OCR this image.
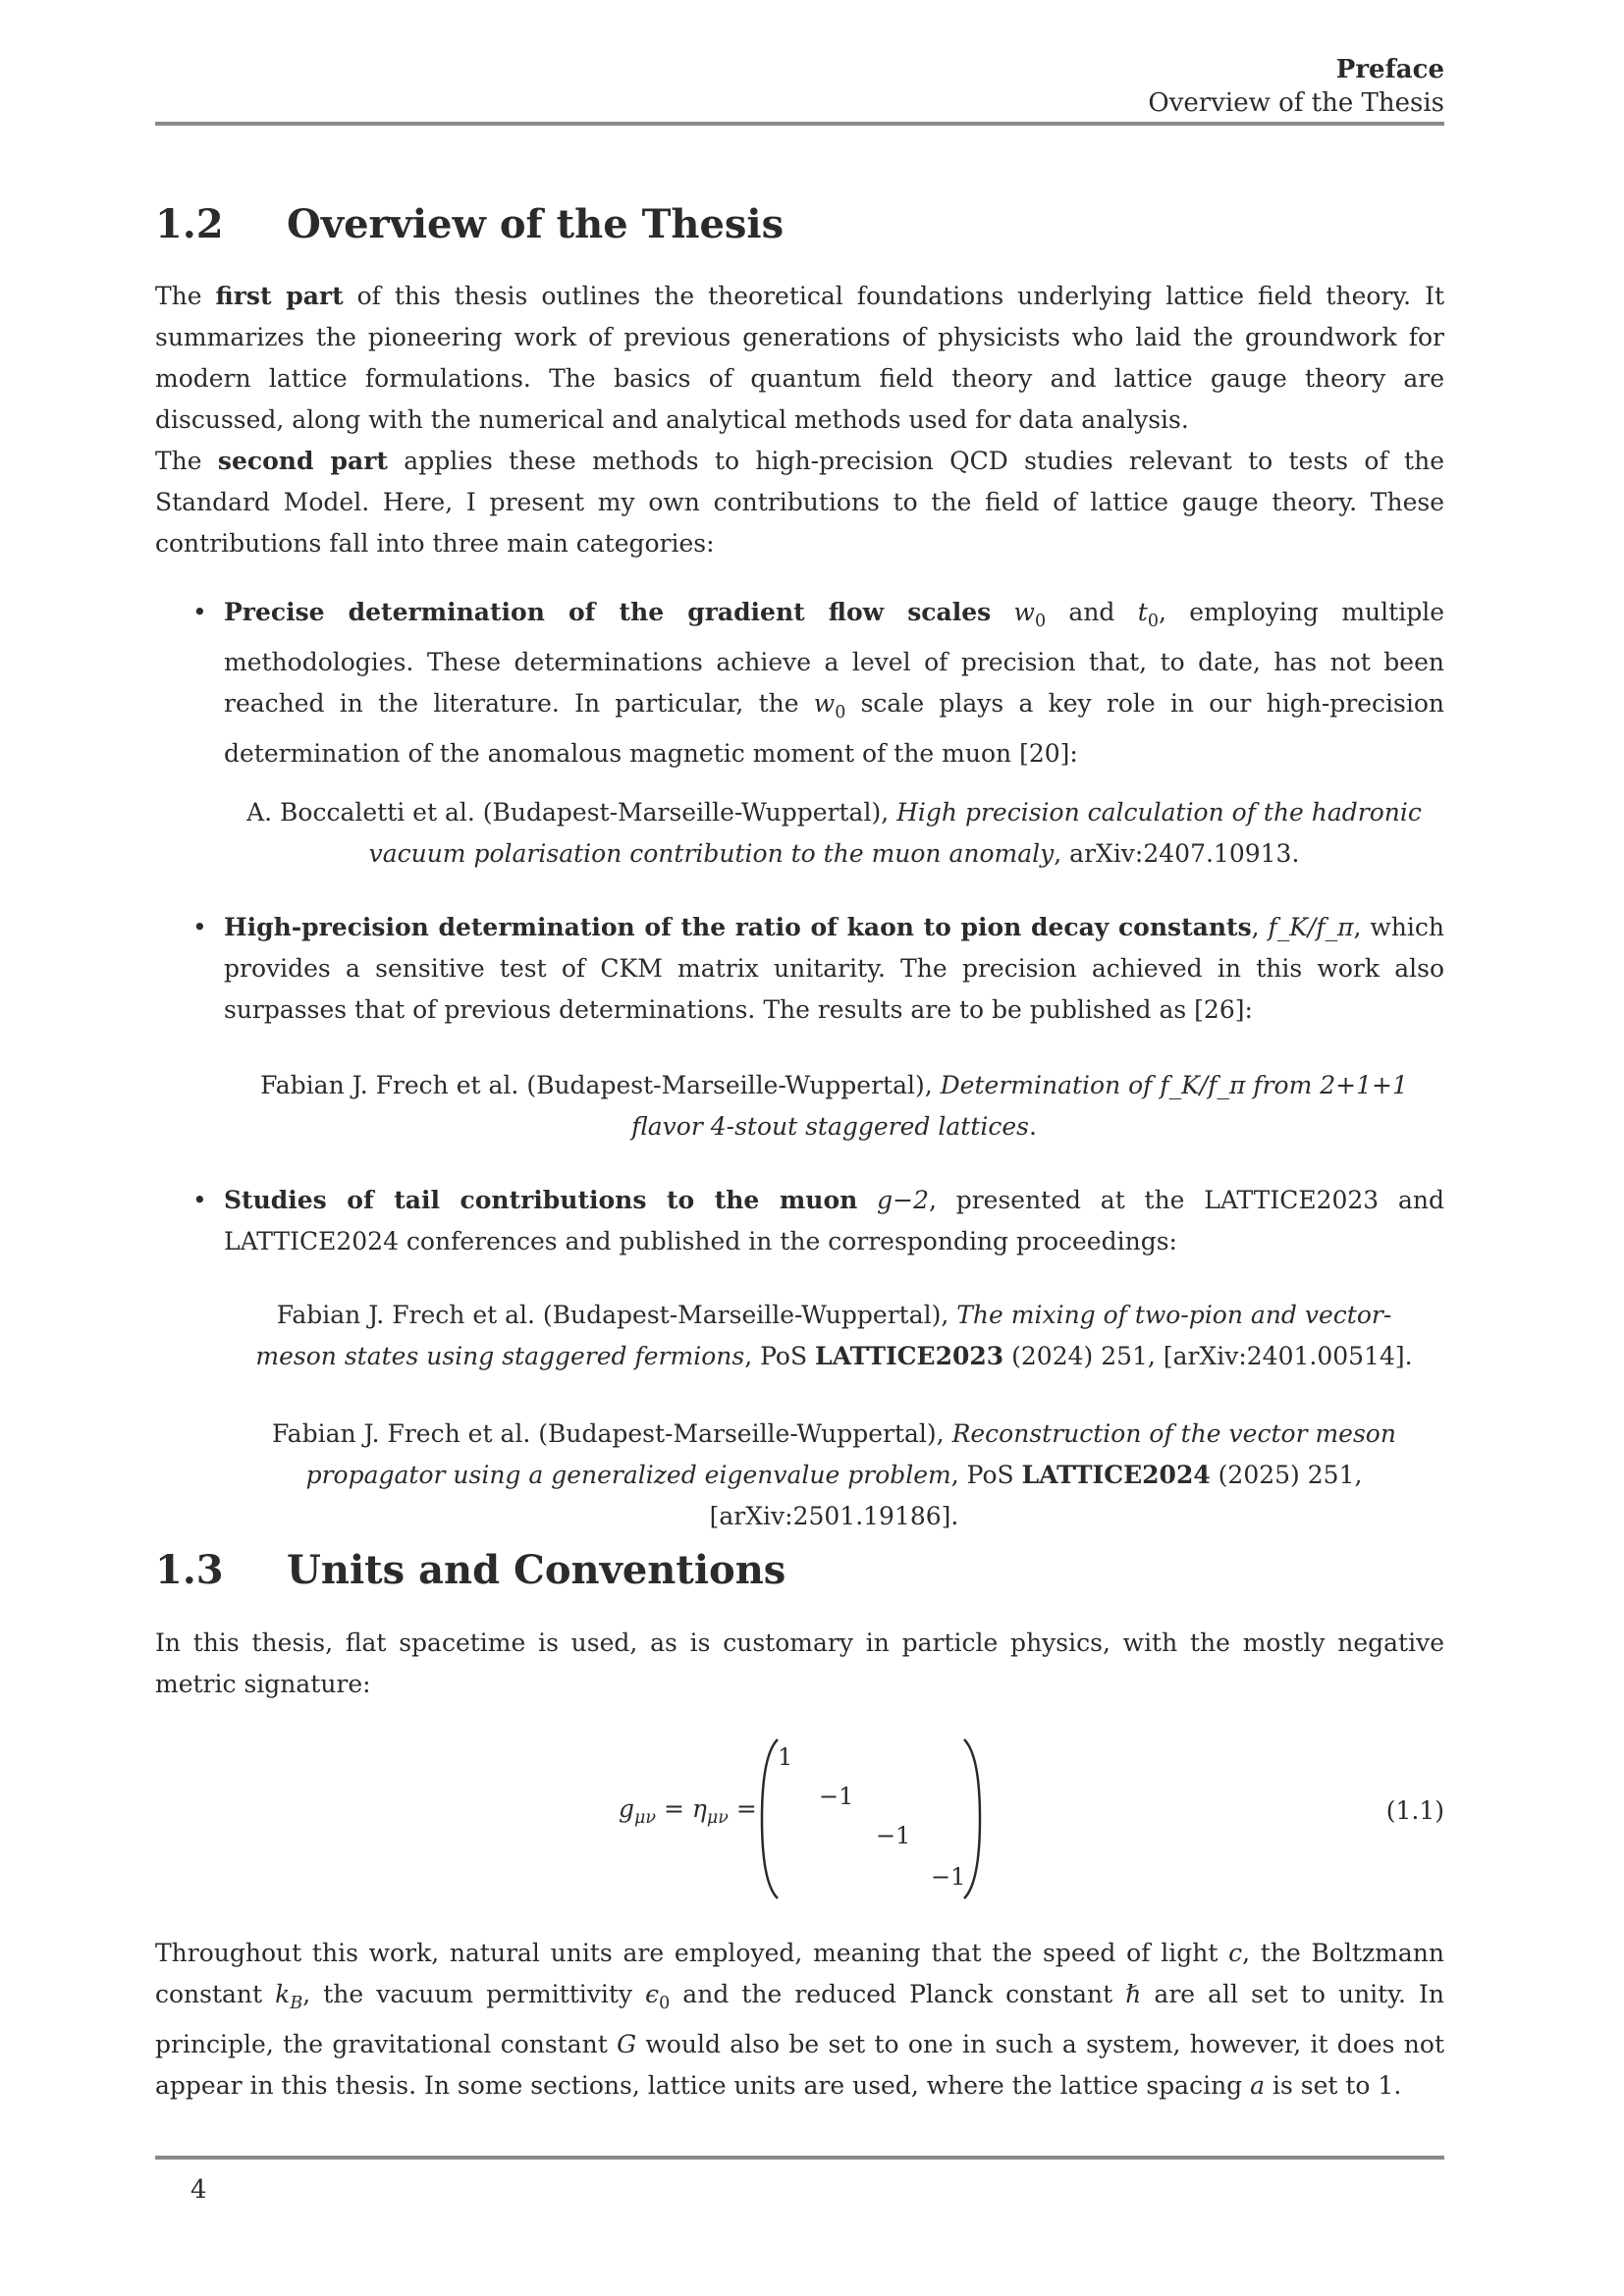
Preface
Overview of the Thesis
1.2 Overview of the Thesis

The first part of this thesis outlines the theoretical foundations underlying lattice field theory. It summarizes the pioneering work of previous generations of physicists who laid the groundwork for modern lattice formulations. The basics of quantum field theory and lattice gauge theory are discussed, along with the numerical and analytical methods used for data analysis.

The second part applies these methods to high-precision QCD studies relevant to tests of the Standard Model. Here, I present my own contributions to the field of lattice gauge theory. These contributions fall into three main categories:

• Precise determination of the gradient flow scales $w_0$ and $t_0$, employing multiple methodologies. These determinations achieve a level of precision that, to date, has not been reached in the literature. In particular, the $w_0$ scale plays a key role in our high-precision determination of the anomalous magnetic moment of the muon [20]:
A. Boccaletti et al. (Budapest-Marseille-Wuppertal), High precision calculation of the hadronic vacuum polarisation contribution to the muon anomaly, arXiv:2407.10913.
• High-precision determination of the ratio of kaon to pion decay constants, f_K/f_π, which provides a sensitive test of CKM matrix unitarity. The precision achieved in this work also surpasses that of previous determinations. The results are to be published as [26]:
Fabian J. Frech et al. (Budapest-Marseille-Wuppertal), Determination of f_K/f_π from 2+1+1 flavor 4-stout staggered lattices.
• Studies of tail contributions to the muon g−2, presented at the LATTICE2023 and LATTICE2024 conferences and published in the corresponding proceedings:
Fabian J. Frech et al. (Budapest-Marseille-Wuppertal), The mixing of two-pion and vector-meson states using staggered fermions, PoS LATTICE2023 (2024) 251, [arXiv:2401.00514].
Fabian J. Frech et al. (Budapest-Marseille-Wuppertal), Reconstruction of the vector meson propagator using a generalized eigenvalue problem, PoS LATTICE2024 (2025) 251, [arXiv:2501.19186].
1.3 Units and Conventions

In this thesis, flat spacetime is used, as is customary in particle physics, with the mostly negative metric signature:

$g_{\mu\nu} = \eta_{\mu\nu}$ =
1
−1
−1
−1
(1.1)

Throughout this work, natural units are employed, meaning that the speed of light c, the Boltzmann constant $k_B$, the vacuum permittivity $\epsilon_0$ and the reduced Planck constant ℏ are all set to unity. In principle, the gravitational constant G would also be set to one in such a system, however, it does not appear in this thesis. In some sections, lattice units are used, where the lattice spacing a is set to 1.

4
